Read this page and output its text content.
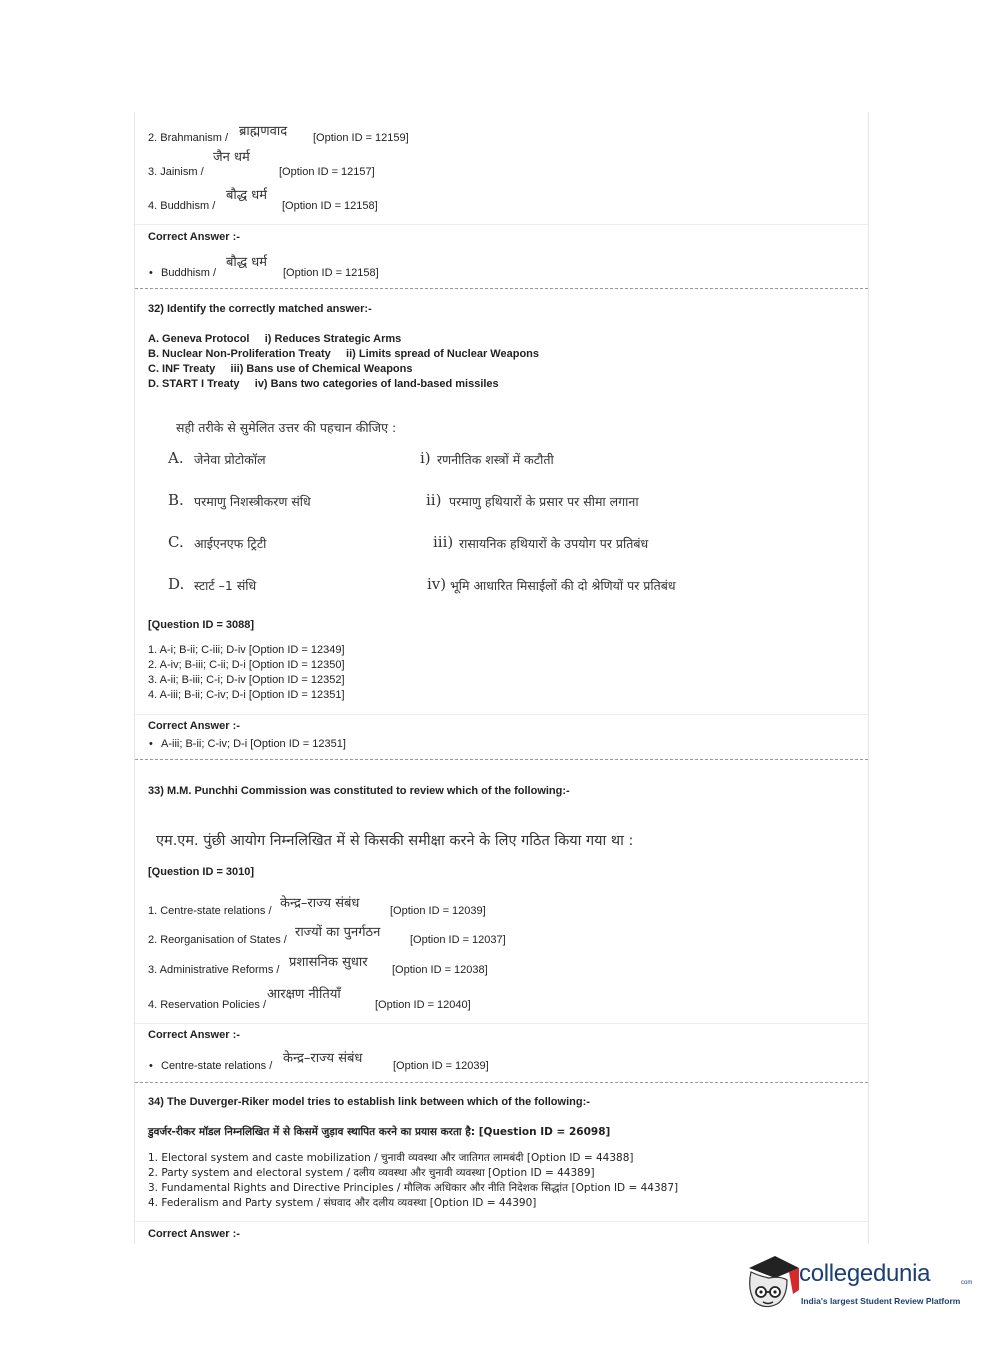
2. Brahmanism / ब्राह्मणवाद [Option ID = 12159]
जैन धर्म
3. Jainism /	[Option ID = 12157]
बौद्ध धर्म
4. Buddhism /	[Option ID = 12158]
Correct Answer :-
बौद्ध धर्म
• Buddhism /	[Option ID = 12158]
32) Identify the correctly matched answer:-
A. Geneva Protocol     i) Reduces Strategic Arms
B. Nuclear Non-Proliferation Treaty     ii) Limits spread of Nuclear Weapons
C. INF Treaty     iii) Bans use of Chemical Weapons
D. START I Treaty     iv) Bans two categories of land-based missiles
सही तरीके से सुमेलित उत्तर की पहचान कीजिए :
A. जेनेवा प्रोटोकॉल	i) रणनीतिक शस्त्रों में कटौती
B. परमाणु निशस्त्रीकरण संधि	ii) परमाणु हथियारों के प्रसार पर सीमा लगाना
C. आईएनएफ ट्रिटी	iii) रासायनिक हथियारों के उपयोग पर प्रतिबंध
D. स्टार्ट –1 संधि	iv) भूमि आधारित मिसाईलों की दो श्रेणियों पर प्रतिबंध
[Question ID = 3088]
1. A-i; B-ii; C-iii; D-iv [Option ID = 12349]
2. A-iv; B-iii; C-ii; D-i [Option ID = 12350]
3. A-ii; B-iii; C-i; D-iv [Option ID = 12352]
4. A-iii; B-ii; C-iv; D-i [Option ID = 12351]
Correct Answer :-
• A-iii; B-ii; C-iv; D-i [Option ID = 12351]
33) M.M. Punchhi Commission was constituted to review which of the following:-
एम.एम. पुंछी आयोग निम्नलिखित में से किसकी समीक्षा करने के लिए गठित किया गया था :
[Question ID = 3010]
केन्द्र–राज्य संबंध
1. Centre-state relations /	[Option ID = 12039]
राज्यों का पुनर्गठन
2. Reorganisation of States /	[Option ID = 12037]
प्रशासनिक सुधार
3. Administrative Reforms /	[Option ID = 12038]
आरक्षण नीतियाँ
4. Reservation Policies /	[Option ID = 12040]
Correct Answer :-
केन्द्र–राज्य संबंध
• Centre-state relations /	[Option ID = 12039]
34) The Duverger-Riker model tries to establish link between which of the following:-
डुवर्जर-रीकर मॉडल निम्नलिखित में से किसमें जुड़ाव स्थापित करने का प्रयास करता है: [Question ID = 26098]
1. Electoral system and caste mobilization / चुनावी व्यवस्था और जातिगत लामबंदी [Option ID = 44388]
2. Party system and electoral system / दलीय व्यवस्था और चुनावी व्यवस्था [Option ID = 44389]
3. Fundamental Rights and Directive Principles / मौलिक अधिकार और नीति निदेशक सिद्धांत [Option ID = 44387]
4. Federalism and Party system / संघवाद और दलीय व्यवस्था [Option ID = 44390]
Correct Answer :-
collegedunia	com
India's largest Student Review Platform
